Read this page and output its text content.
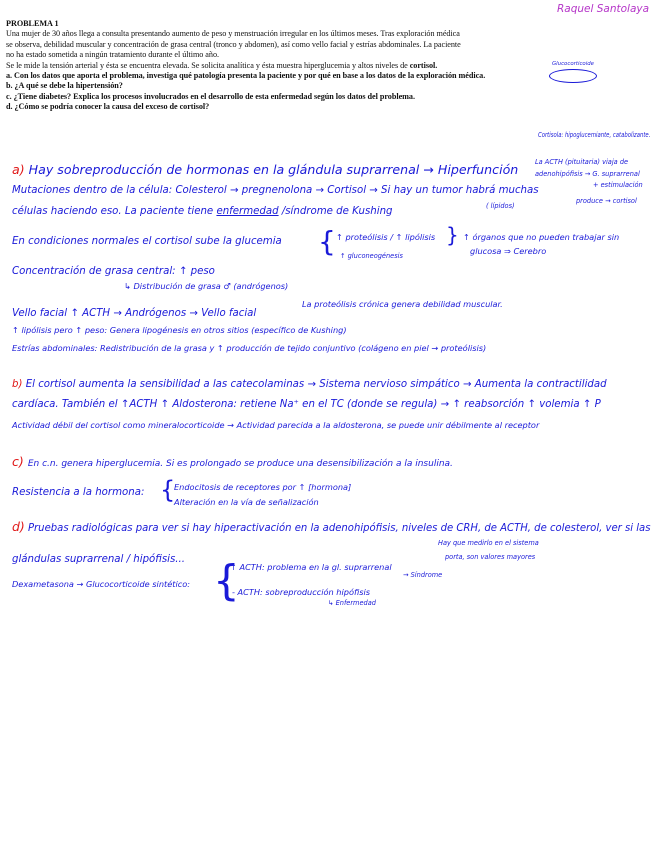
Raquel Santolaya
PROBLEMA 1
Una mujer de 30 años llega a consulta presentando aumento de peso y menstruación irregular en los últimos meses. Tras exploración médica
se observa, debilidad muscular y concentración de grasa central (tronco y abdomen), así como vello facial y estrías abdominales. La paciente
no ha estado sometida a ningún tratamiento durante el último año.
Se le mide la tensión arterial y ésta se encuentra elevada. Se solicita analítica y ésta muestra hiperglucemia y altos niveles de cortisol.
a. Con los datos que aporta el problema, investiga qué patología presenta la paciente y por qué en base a los datos de la exploración médica.
b. ¿A qué se debe la hipertensión?
c. ¿Tiene diabetes? Explica los procesos involucrados en el desarrollo de esta enfermedad según los datos del problema.
d. ¿Cómo se podría conocer la causa del exceso de cortisol?
Glucocorticoide
Cortisola: hipoglucemiante, catabolizante.
La ACTH (pituitaria) viaja de
adenohipófisis → G. suprarrenal
+ estimulación
produce → cortisol
a) Hay sobreproducción de hormonas en la glándula suprarrenal → Hiperfunción
Mutaciones dentro de la célula: Colesterol → pregnenolona → Cortisol → Si hay un tumor habrá muchas
células haciendo eso. La paciente tiene enfermedad /síndrome de Kushing	( lípidos)
En condiciones normales el cortisol sube la glucemia { ↑ proteólisis / ↑ lipólisis
↑ gluconeogénesis
} ↑ órganos que no pueden trabajar sin
glucosa ⇒ Cerebro
Concentración de grasa central: ↑ peso
↳ Distribución de grasa ♂ (andrógenos)
Vello facial ↑ ACTH → Andrógenos → Vello facial
La proteólisis crónica genera debilidad muscular.
↑ lipólisis pero ↑ peso: Genera lipogénesis en otros sitios (específico de Kushing)
Estrías abdominales: Redistribución de la grasa y ↑ producción de tejido conjuntivo (colágeno en piel → proteólisis)
b) El cortisol aumenta la sensibilidad a las catecolaminas → Sistema nervioso simpático → Aumenta la contractilidad
cardíaca. También el ↑ACTH ↑ Aldosterona: retiene Na⁺ en el TC (donde se regula) → ↑ reabsorción ↑ volemia ↑ P
Actividad débil del cortisol como mineralocorticoide → Actividad parecida a la aldosterona, se puede unir débilmente al receptor
c) En c.n. genera hiperglucemia. Si es prolongado se produce una desensibilización a la insulina.
Resistencia a la hormona: {
Endocitosis de receptores por ↑ [hormona]
Alteración en la vía de señalización
d) Pruebas radiológicas para ver si hay hiperactivación en la adenohipófisis, niveles de CRH, de ACTH, de colesterol, ver si las
glándulas suprarrenal / hipófisis...
Hay que medirlo en el sistema
porta, son valores mayores
Dexametasona → Glucocorticoide sintético: {
↑ ACTH: problema en la gl. suprarrenal
→ Síndrome
- ACTH: sobreproducción hipófisis
↳ Enfermedad
